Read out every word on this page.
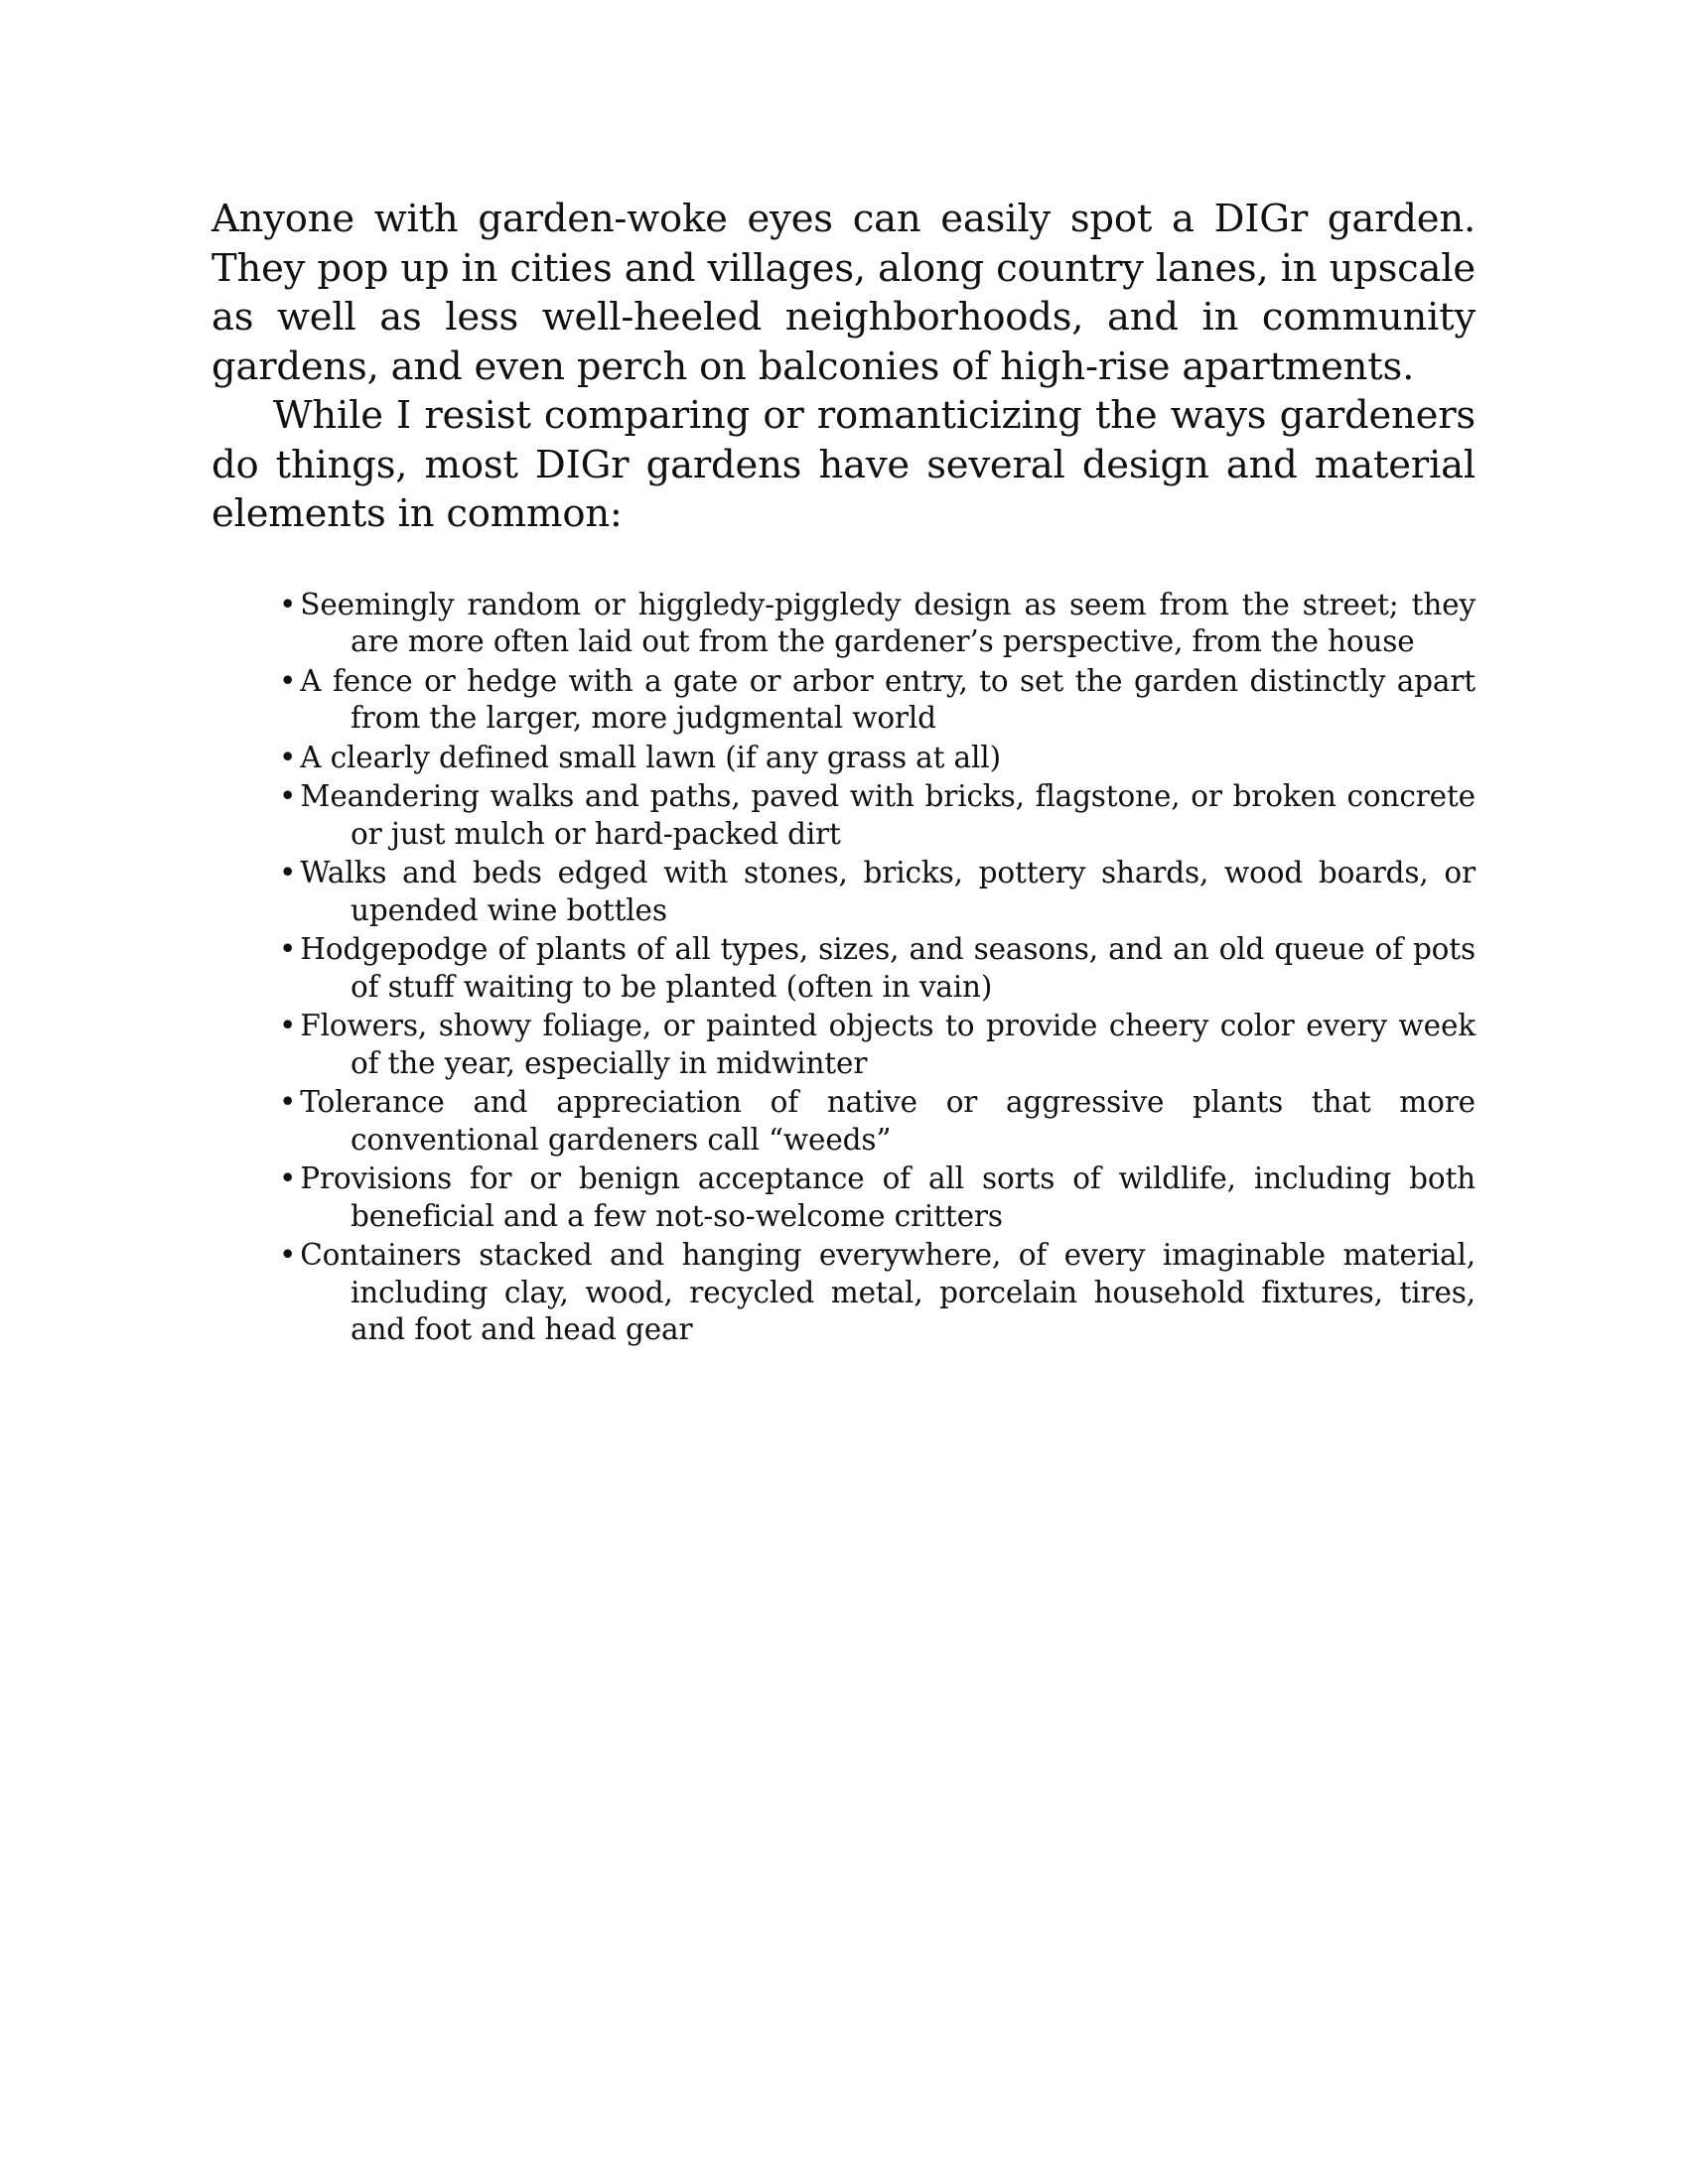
Anyone with garden-woke eyes can easily spot a DIGr garden. They pop up in cities and villages, along country lanes, in upscale as well as less well-heeled neighborhoods, and in community gardens, and even perch on balconies of high-rise apartments.

While I resist comparing or romanticizing the ways gardeners do things, most DIGr gardens have several design and material elements in common:

• Seemingly random or higgledy-piggledy design as seem from the street; they are more often laid out from the gardener’s perspective, from the house
• A fence or hedge with a gate or arbor entry, to set the garden distinctly apart from the larger, more judgmental world
• A clearly defined small lawn (if any grass at all)
• Meandering walks and paths, paved with bricks, flagstone, or broken concrete or just mulch or hard-packed dirt
• Walks and beds edged with stones, bricks, pottery shards, wood boards, or upended wine bottles
• Hodgepodge of plants of all types, sizes, and seasons, and an old queue of pots of stuff waiting to be planted (often in vain)
• Flowers, showy foliage, or painted objects to provide cheery color every week of the year, especially in midwinter
• Tolerance and appreciation of native or aggressive plants that more conventional gardeners call “weeds”
• Provisions for or benign acceptance of all sorts of wildlife, including both beneficial and a few not-so-welcome critters
• Containers stacked and hanging everywhere, of every imaginable material, including clay, wood, recycled metal, porcelain household fixtures, tires, and foot and head gear
